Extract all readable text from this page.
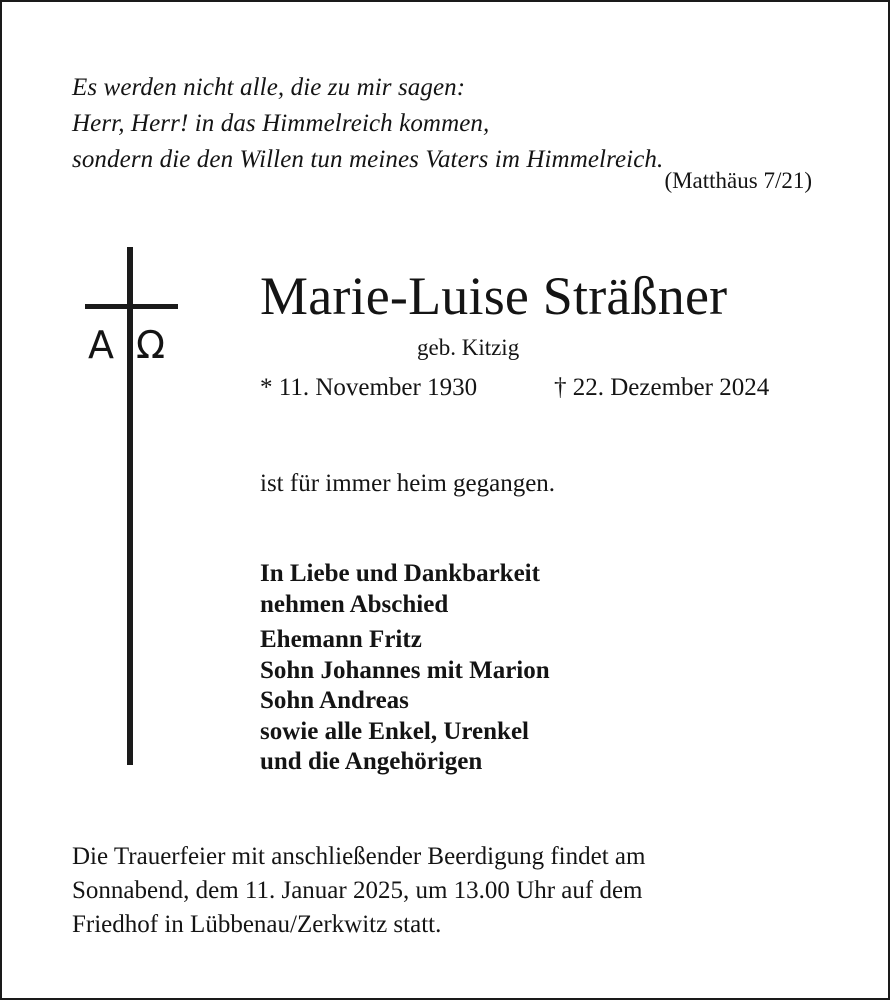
Es werden nicht alle, die zu mir sagen:
Herr, Herr! in das Himmelreich kommen,
sondern die den Willen tun meines Vaters im Himmelreich.
(Matthäus 7/21)
A Ω
Marie-Luise Sträßner
geb. Kitzig
* 11. November 1930	† 22. Dezember 2024
ist für immer heim gegangen.
In Liebe und Dankbarkeit
nehmen Abschied
Ehemann Fritz
Sohn Johannes mit Marion
Sohn Andreas
sowie alle Enkel, Urenkel
und die Angehörigen
Die Trauerfeier mit anschließender Beerdigung findet am
Sonnabend, dem 11. Januar 2025, um 13.00 Uhr auf dem
Friedhof in Lübbenau/Zerkwitz statt.
